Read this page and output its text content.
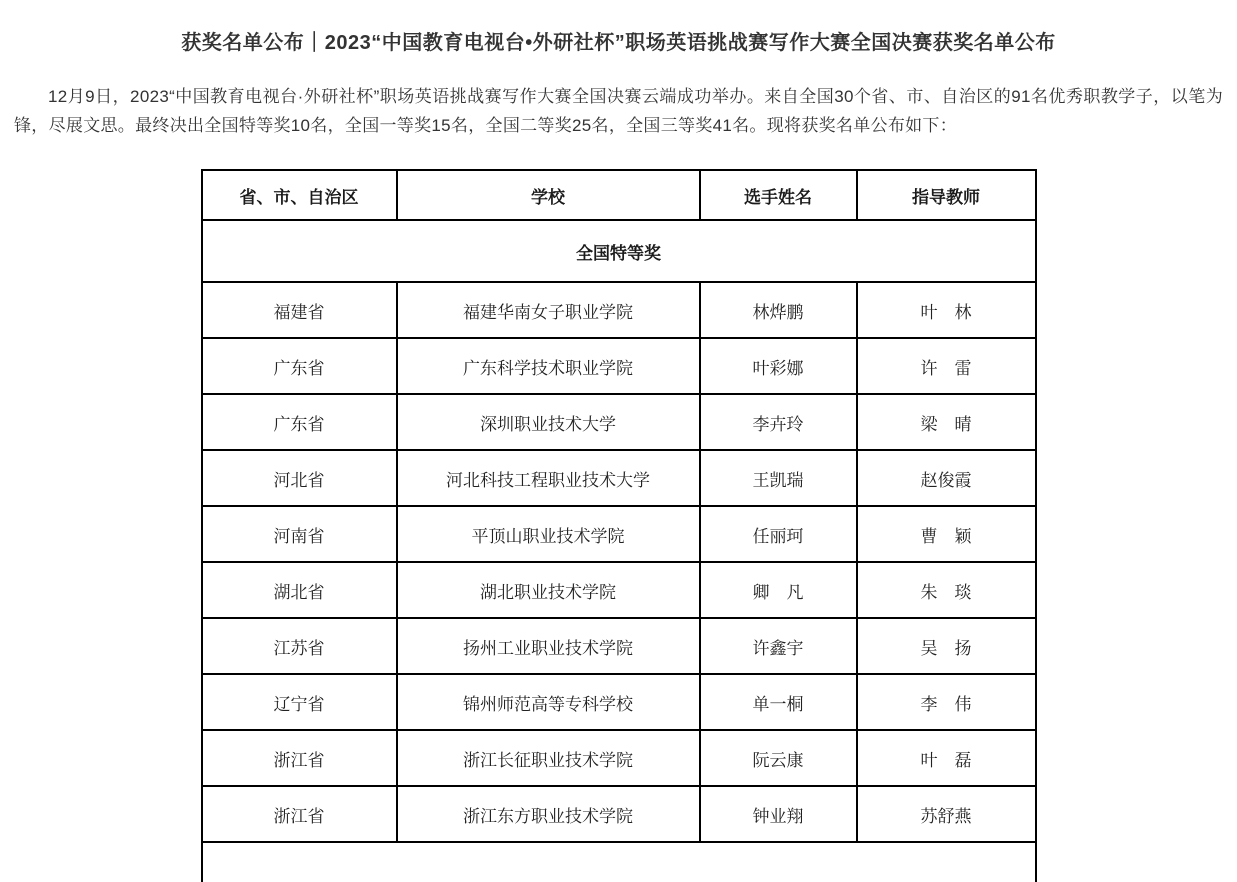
获奖名单公布｜2023“中国教育电视台•外研社杯”职场英语挑战赛写作大赛全国决赛获奖名单公布

12月9日，2023“中国教育电视台·外研社杯”职场英语挑战赛写作大赛全国决赛云端成功举办。来自全国30个省、市、自治区的91名优秀职教学子，以笔为锋，尽展文思。最终决出全国特等奖10名，全国一等奖15名，全国二等奖25名，全国三等奖41名。现将获奖名单公布如下：

省、市、自治区	学校	选手姓名	指导教师
全国特等奖			
福建省	福建华南女子职业学院	林烨鹏	叶　林
广东省	广东科学技术职业学院	叶彩娜	许　雷
广东省	深圳职业技术大学	李卉玲	梁　晴
河北省	河北科技工程职业技术大学	王凯瑞	赵俊霞
河南省	平顶山职业技术学院	任丽珂	曹　颖
湖北省	湖北职业技术学院	卿　凡	朱　琰
江苏省	扬州工业职业技术学院	许鑫宇	吴　扬
辽宁省	锦州师范高等专科学校	单一桐	李　伟
浙江省	浙江长征职业技术学院	阮云康	叶　磊
浙江省	浙江东方职业技术学院	钟业翔	苏舒燕
